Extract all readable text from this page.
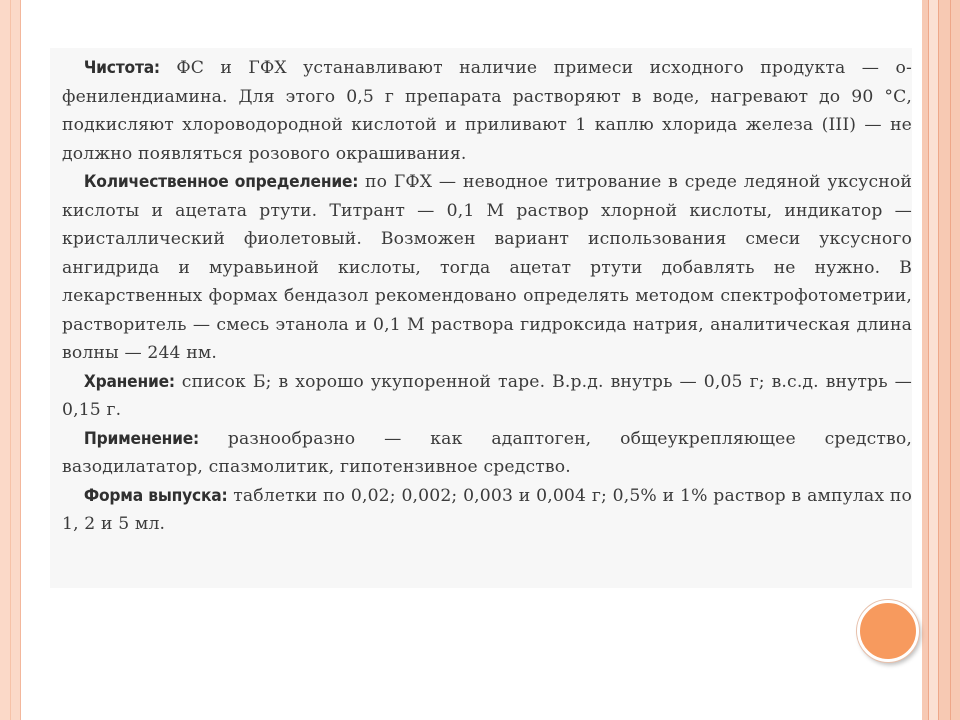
Чистота: ФС и ГФХ устанавливают наличие примеси исходного продукта — о-фенилендиамина. Для этого 0,5 г препарата растворяют в воде, нагревают до 90 °С, подкисляют хлороводородной кислотой и приливают 1 каплю хлорида железа (III) — не должно появляться розового окрашивания.

Количественное определение: по ГФХ — неводное титрование в среде ледяной уксусной кислоты и ацетата ртути. Титрант — 0,1 М раствор хлорной кислоты, индикатор — кристаллический фиолетовый. Возможен вариант использования смеси уксусного ангидрида и муравьиной кислоты, тогда ацетат ртути добавлять не нужно. В лекарственных формах бендазол рекомендовано определять методом спектрофотометрии, растворитель — смесь этанола и 0,1 М раствора гидроксида натрия, аналитическая длина волны — 244 нм.

Хранение: список Б; в хорошо укупоренной таре. В.р.д. внутрь — 0,05 г; в.с.д. внутрь — 0,15 г.

Применение: разнообразно — как адаптоген, общеукрепляющее средство, вазодилататор, спазмолитик, гипотензивное средство.

Форма выпуска: таблетки по 0,02; 0,002; 0,003 и 0,004 г; 0,5% и 1% раствор в ампулах по 1, 2 и 5 мл.
